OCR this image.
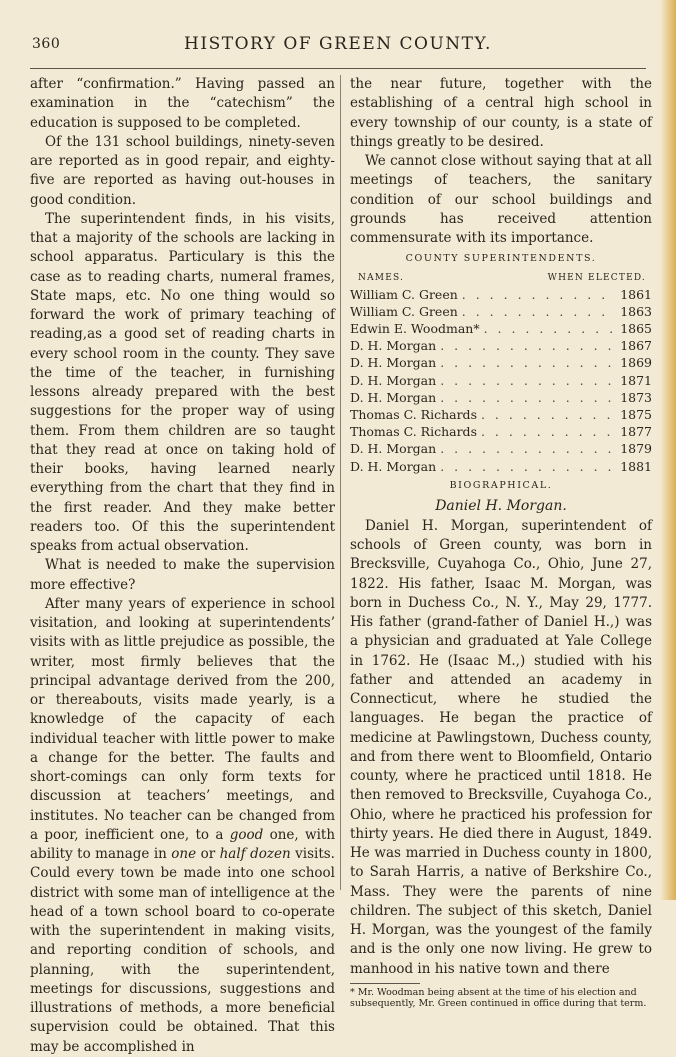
360	HISTORY OF GREEN COUNTY.

after “confirmation.” Having passed an examination in the “catechism” the education is supposed to be completed.

Of the 131 school buildings, ninety-seven are reported as in good repair, and eighty-five are reported as having out-houses in good condition.

The superintendent finds, in his visits, that a majority of the schools are lacking in school apparatus. Particulary is this the case as to reading charts, numeral frames, State maps, etc. No one thing would so forward the work of primary teaching of reading,as a good set of reading charts in every school room in the county. They save the time of the teacher, in furnishing lessons already prepared with the best suggestions for the proper way of using them. From them children are so taught that they read at once on taking hold of their books, having learned nearly everything from the chart that they find in the first reader. And they make better readers too. Of this the superintendent speaks from actual observation.

What is needed to make the supervision more effective?

After many years of experience in school visitation, and looking at superintendents’ visits with as little prejudice as possible, the writer, most firmly believes that the principal advantage derived from the 200, or thereabouts, visits made yearly, is a knowledge of the capacity of each individual teacher with little power to make a change for the better. The faults and short-comings can only form texts for discussion at teachers’ meetings, and institutes. No teacher can be changed from a poor, inefficient one, to a good one, with ability to manage in one or half dozen visits. Could every town be made into one school district with some man of intelligence at the head of a town school board to co-operate with the superintendent in making visits, and reporting condition of schools, and planning, with the superintendent, meetings for discussions, suggestions and illustrations of methods, a more beneficial supervision could be obtained. That this may be accomplished in

the near future, together with the establishing of a central high school in every township of our county, is a state of things greatly to be desired.

We cannot close without saying that at all meetings of teachers, the sanitary condition of our school buildings and grounds has received attention commensurate with its importance.

COUNTY SUPERINTENDENTS.
NAMES.	WHEN ELECTED.
William C. Green . . .	1861
William C. Green . . .	1863
Edwin E. Woodman* . . .	1865
D. H. Morgan . . .	1867
D. H. Morgan . . .	1869
D. H. Morgan . . .	1871
D. H. Morgan . . .	1873
Thomas C. Richards . . .	1875
Thomas C. Richards . . .	1877
D. H. Morgan . . .	1879
D. H. Morgan . . .	1881
BIOGRAPHICAL.
Daniel H. Morgan.

Daniel H. Morgan, superintendent of schools of Green county, was born in Brecksville, Cuyahoga Co., Ohio, June 27, 1822. His father, Isaac M. Morgan, was born in Duchess Co., N. Y., May 29, 1777. His father (grand-father of Daniel H.,) was a physician and graduated at Yale College in 1762. He (Isaac M.,) studied with his father and attended an academy in Connecticut, where he studied the languages. He began the practice of medicine at Pawlingstown, Duchess county, and from there went to Bloomfield, Ontario county, where he practiced until 1818. He then removed to Brecksville, Cuyahoga Co., Ohio, where he practiced his profession for thirty years. He died there in August, 1849. He was married in Duchess county in 1800, to Sarah Harris, a native of Berkshire Co., Mass. They were the parents of nine children. The subject of this sketch, Daniel H. Morgan, was the youngest of the family and is the only one now living. He grew to manhood in his native town and there

* Mr. Woodman being absent at the time of his election and subsequently, Mr. Green continued in office during that term.
